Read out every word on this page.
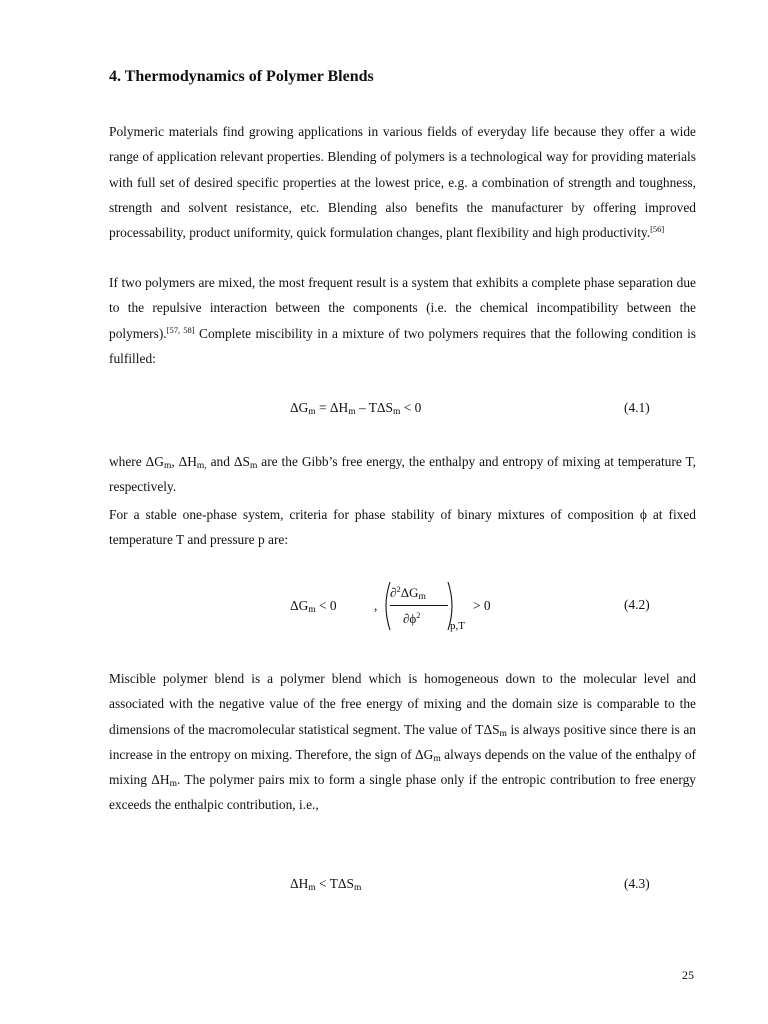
4. Thermodynamics of Polymer Blends

Polymeric materials find growing applications in various fields of everyday life because they offer a wide range of application relevant properties. Blending of polymers is a technological way for providing materials with full set of desired specific properties at the lowest price, e.g. a combination of strength and toughness, strength and solvent resistance, etc. Blending also benefits the manufacturer by offering improved processability, product uniformity, quick formulation changes, plant flexibility and high productivity.[56]

If two polymers are mixed, the most frequent result is a system that exhibits a complete phase separation due to the repulsive interaction between the components (i.e. the chemical incompatibility between the polymers).[57, 58] Complete miscibility in a mixture of two polymers requires that the following condition is fulfilled:

$\Delta G_m = \Delta H_m - T\Delta S_m < 0$	(4.1)

where $\Delta G_m$, $\Delta H_{m,}$ and $\Delta S_m$ are the Gibb’s free energy, the enthalpy and entropy of mixing at temperature T, respectively.

For a stable one-phase system, criteria for phase stability of binary mixtures of composition ϕ at fixed temperature T and pressure p are:

$\Delta G_m < 0$	,
$\partial^2\Delta G_m$
$\partial\phi^2$
p,T
> 0	(4.2)

Miscible polymer blend is a polymer blend which is homogeneous down to the molecular level and associated with the negative value of the free energy of mixing and the domain size is comparable to the dimensions of the macromolecular statistical segment. The value of $T\Delta S_m$ is always positive since there is an increase in the entropy on mixing. Therefore, the sign of $\Delta G_m$ always depends on the value of the enthalpy of mixing $\Delta H_m$. The polymer pairs mix to form a single phase only if the entropic contribution to free energy exceeds the enthalpic contribution, i.e.,

$\Delta H_m < T\Delta S_m$	(4.3)
25
